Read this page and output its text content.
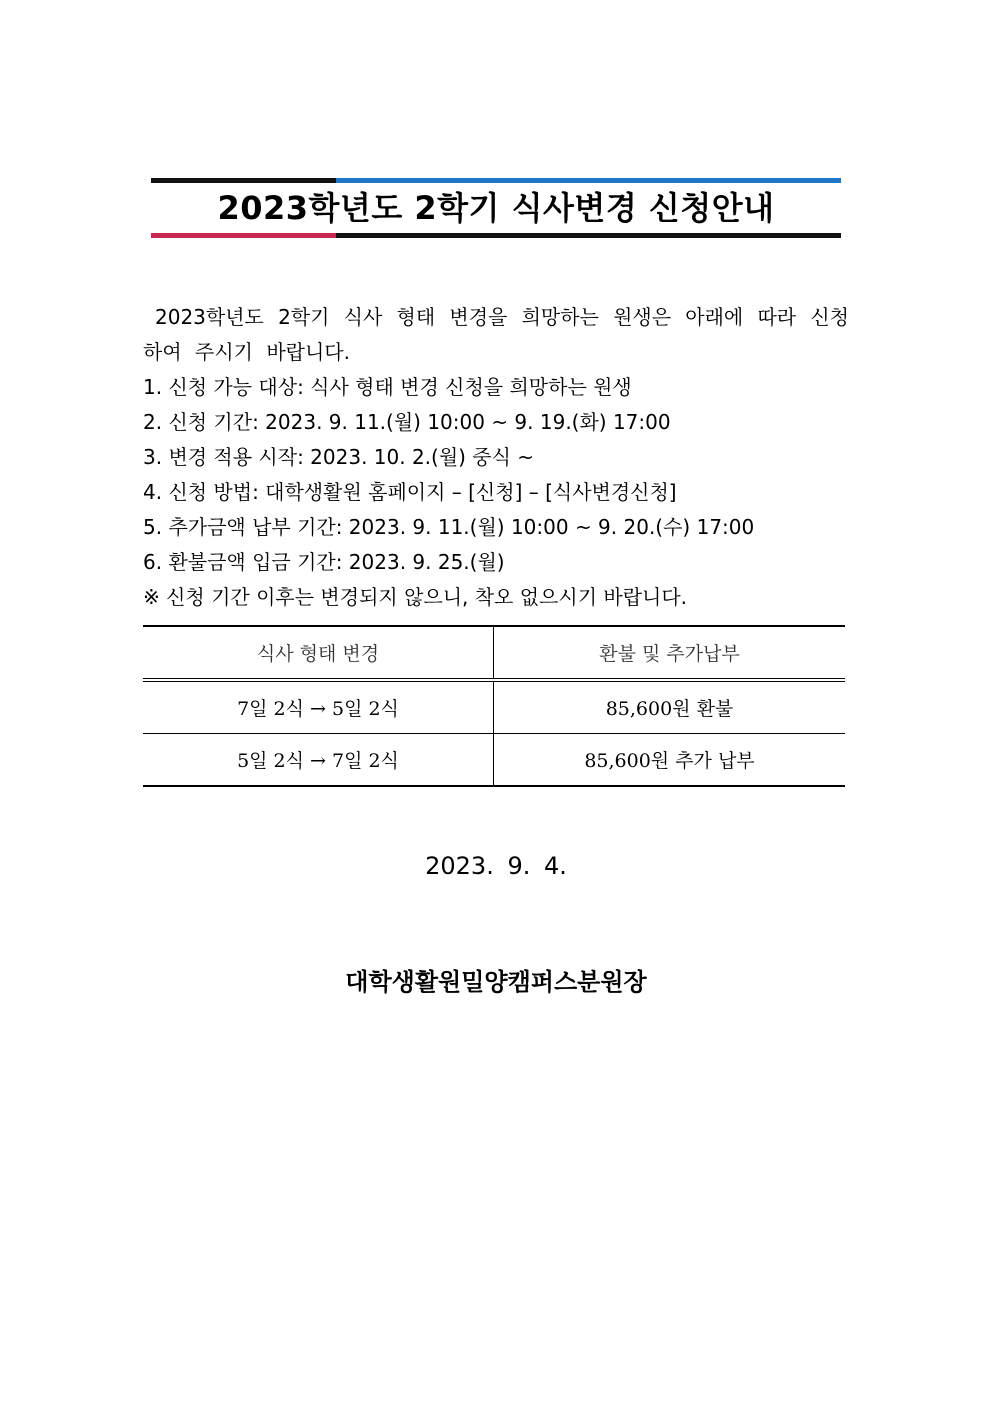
2023학년도 2학기 식사변경 신청안내

2023학년도 2학기 식사 형태 변경을 희망하는 원생은 아래에 따라 신청하여 주시기 바랍니다.

1. 신청 가능 대상: 식사 형태 변경 신청을 희망하는 원생

2. 신청 기간: 2023. 9. 11.(월) 10:00 ~ 9. 19.(화) 17:00

3. 변경 적용 시작: 2023. 10. 2.(월) 중식 ~

4. 신청 방법: 대학생활원 홈페이지 – [신청] – [식사변경신청]

5. 추가금액 납부 기간: 2023. 9. 11.(월) 10:00 ~ 9. 20.(수) 17:00

6. 환불금액 입금 기간: 2023. 9. 25.(월)

※ 신청 기간 이후는 변경되지 않으니, 착오 없으시기 바랍니다.

식사 형태 변경	환불 및 추가납부
7일 2식 → 5일 2식	85,600원 환불
5일 2식 → 7일 2식	85,600원 추가 납부
2023. 9. 4.
대학생활원밀양캠퍼스분원장
